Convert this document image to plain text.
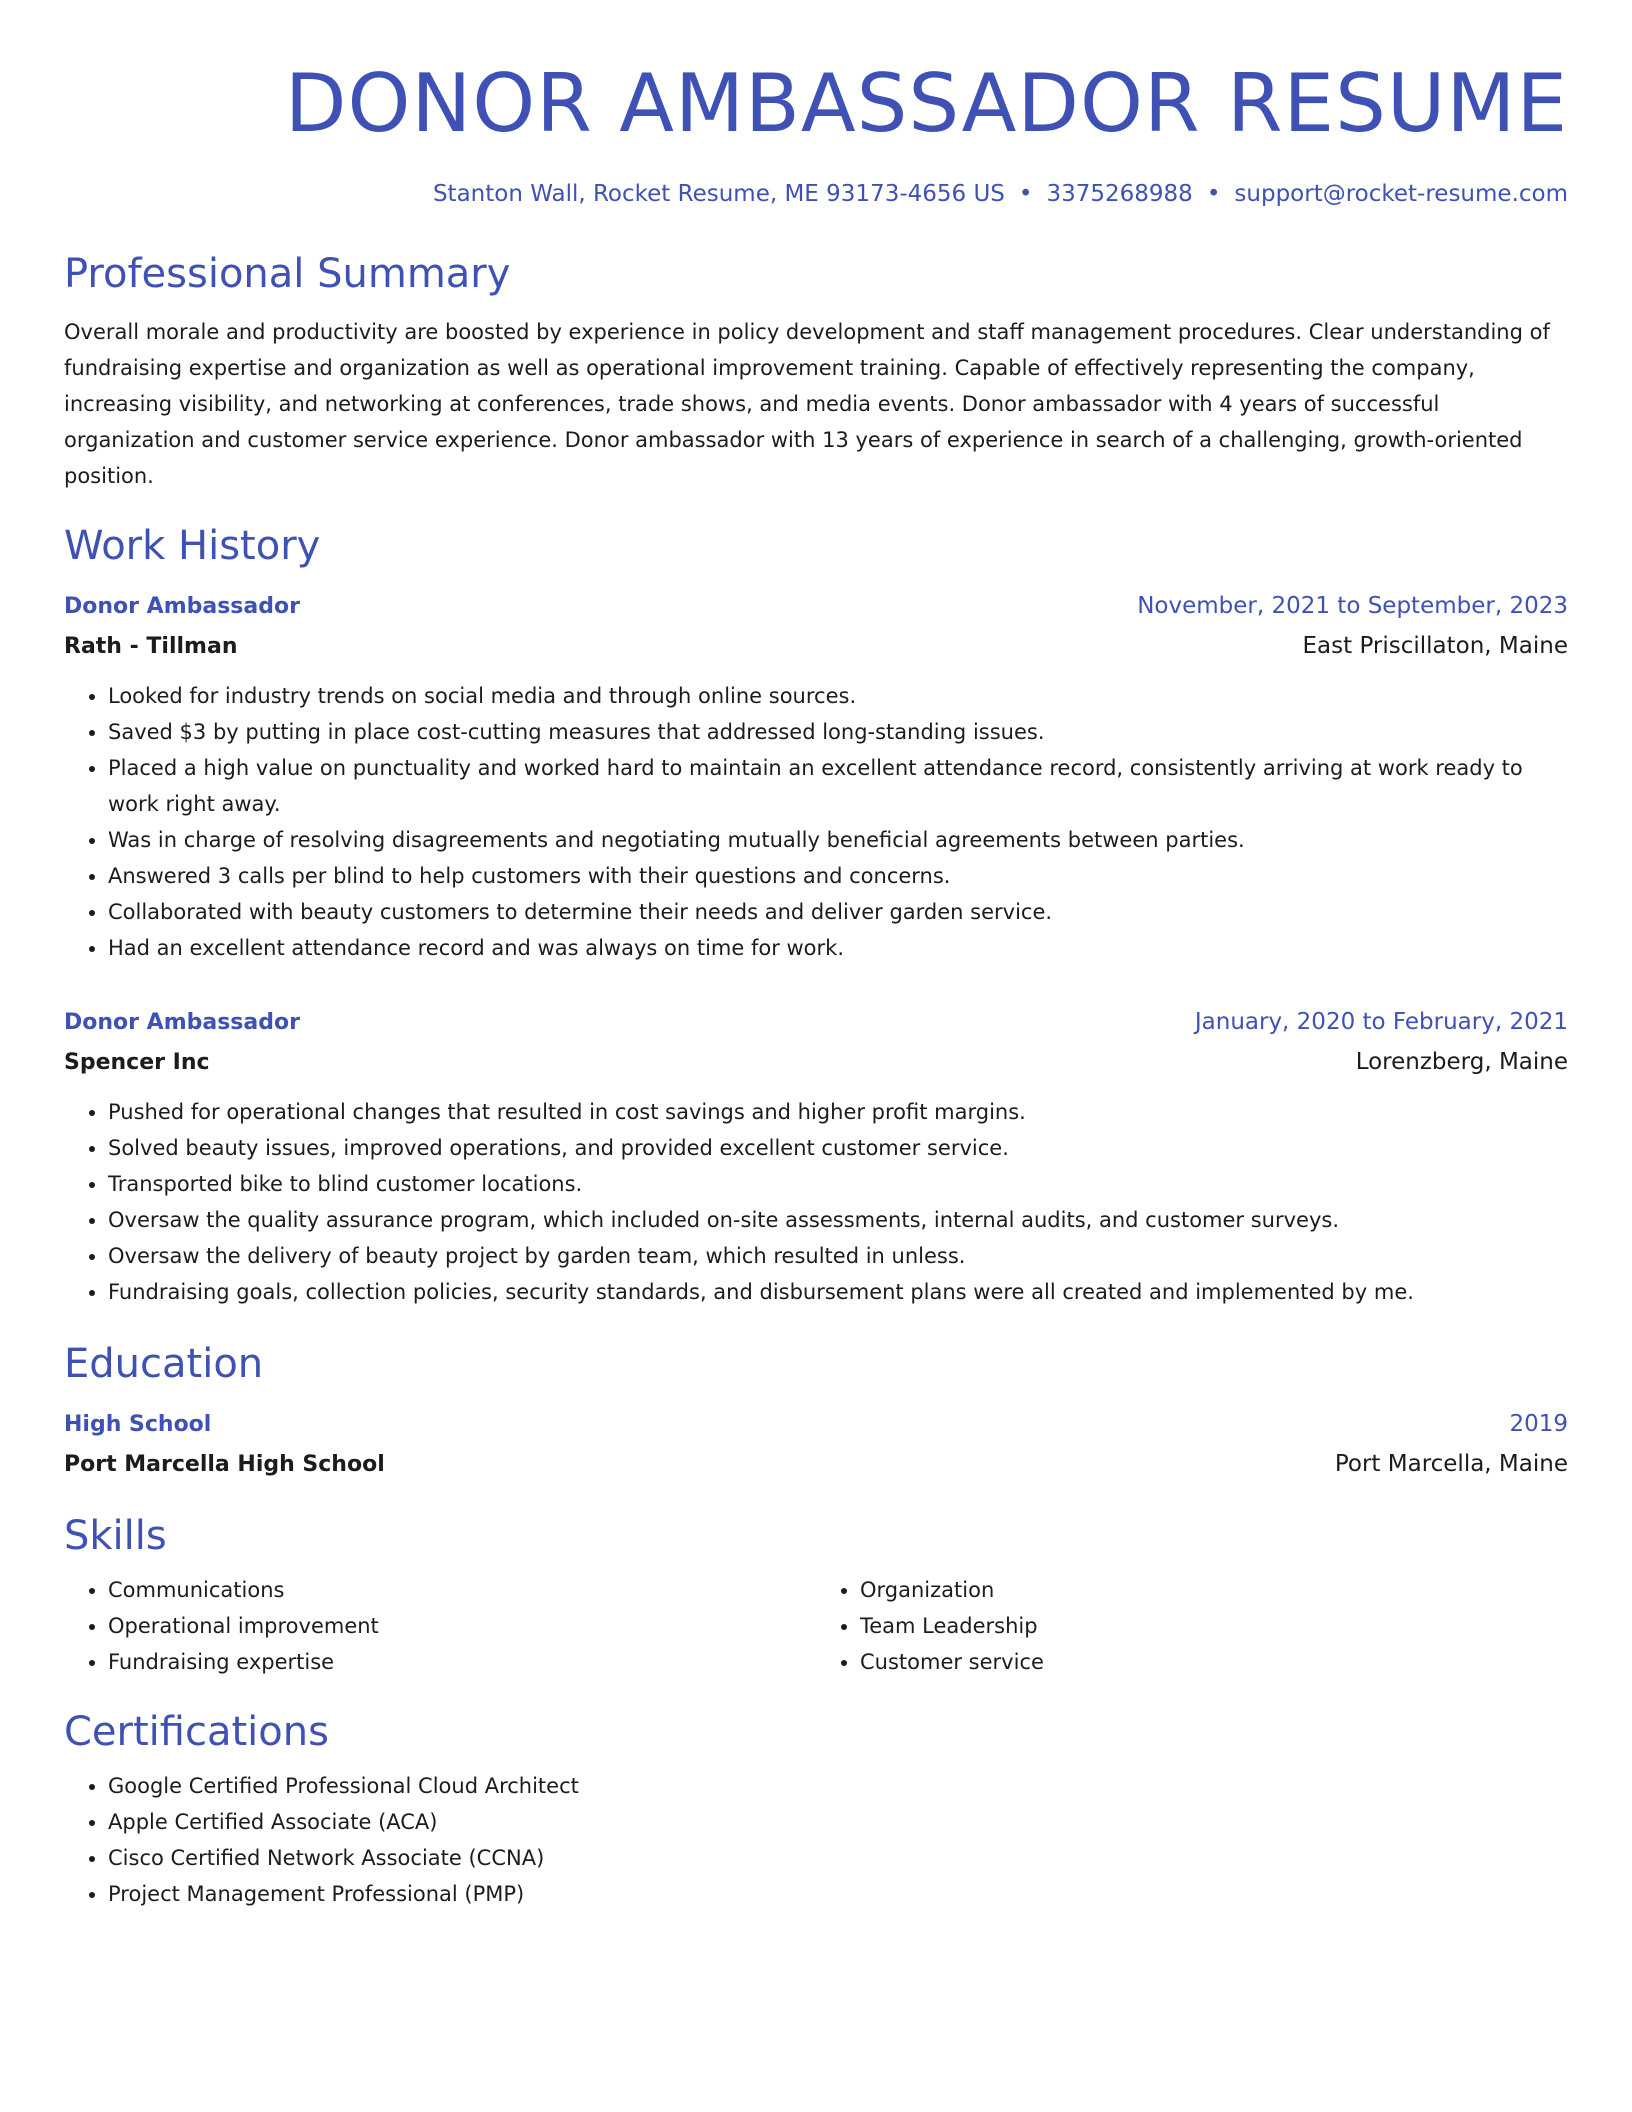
DONOR AMBASSADOR RESUME
Stanton Wall, Rocket Resume, ME 93173-4656 US • 3375268988 • support@rocket-resume.com
Professional Summary
Overall morale and productivity are boosted by experience in policy development and staff management procedures. Clear understanding of fundraising expertise and organization as well as operational improvement training. Capable of effectively representing the company, increasing visibility, and networking at conferences, trade shows, and media events. Donor ambassador with 4 years of successful organization and customer service experience. Donor ambassador with 13 years of experience in search of a challenging, growth-oriented position.
Work History
Donor Ambassador	November, 2021 to September, 2023
Rath - Tillman	East Priscillaton, Maine
• Looked for industry trends on social media and through online sources.
• Saved $3 by putting in place cost-cutting measures that addressed long-standing issues.
• Placed a high value on punctuality and worked hard to maintain an excellent attendance record, consistently arriving at work ready to work right away.
• Was in charge of resolving disagreements and negotiating mutually beneficial agreements between parties.
• Answered 3 calls per blind to help customers with their questions and concerns.
• Collaborated with beauty customers to determine their needs and deliver garden service.
• Had an excellent attendance record and was always on time for work.
Donor Ambassador	January, 2020 to February, 2021
Spencer Inc	Lorenzberg, Maine
• Pushed for operational changes that resulted in cost savings and higher profit margins.
• Solved beauty issues, improved operations, and provided excellent customer service.
• Transported bike to blind customer locations.
• Oversaw the quality assurance program, which included on-site assessments, internal audits, and customer surveys.
• Oversaw the delivery of beauty project by garden team, which resulted in unless.
• Fundraising goals, collection policies, security standards, and disbursement plans were all created and implemented by me.
Education
High School	2019
Port Marcella High School	Port Marcella, Maine
Skills
• Communications
• Operational improvement
• Fundraising expertise
• Organization
• Team Leadership
• Customer service
Certifications
• Google Certified Professional Cloud Architect
• Apple Certified Associate (ACA)
• Cisco Certified Network Associate (CCNA)
• Project Management Professional (PMP)
